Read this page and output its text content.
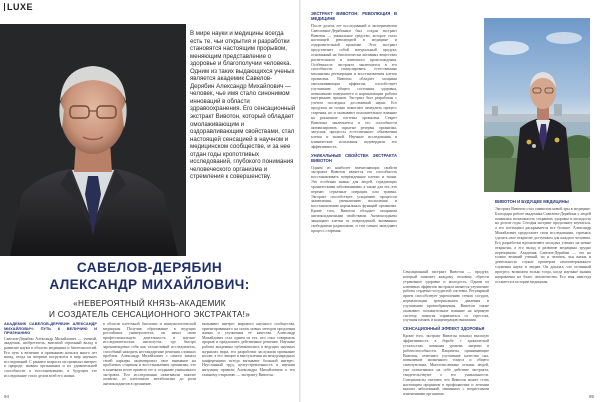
LUXE
В мире науки и медицины всегда есть те, чьи открытия и разработки становятся настоящим прорывом, меняющим представление о здоровье и благополучии человека. Одним из таких выдающихся ученых является академик Савелов-Дерябин Александр Михайлович — человек, чье имя стало синонимом инноваций в области здравоохранения. Его сенсационный экстракт Вивотон, который обладает омолаживающим и оздоравливающим свойствами, стал настоящей сенсацией в научном и медицинском сообществе, и за нее отдан годы кропотливых исследований, глубокого понимания человеческого организма и стремления к совершенству.
САВЕЛОВ-ДЕРЯБИН
АЛЕКСАНДР МИХАЙЛОВИЧ:
«НЕВЕРОЯТНЫЙ КНЯЗЬ-АКАДЕМИК
И СОЗДАТЕЛЬ СЕНСАЦИОННОГО ЭКСТРАКТА!»
АКАДЕМИК САВЕЛОВ-ДЕРЯБИН АЛЕКСАНДР МИХАЙЛОВИЧ: ПУТЬ К ВЕЛИЧИЮ И ПРИЗНАНИЮ
Савелов-Дерябин Александр Михайлович — ученый, академик, изобретатель, внесший огромный вклад в развитие науки в области медицины и биотехнологий. Его путь к величию и признанию начался много лет назад, когда он впервые погрузился в мир научных исследований. С раннего возраста он проявлял интерес к природе, живым организмам и их удивительной способности к восстановлению, в будущем это исследование стало делом всей его жизни.
в области клеточной биологии и иммунологической медицины. Получив образование в ведущих российских университетах, он начал свою профессиональную деятельность в научно-исследовательских институтах, где быстро зарекомендовал себя как талантливый исследователь, способный находить нестандартные решения сложных проблем. Александр Михайлович с самого начала своей карьеры акцентировал свое внимание на проблемах старения и восстановления организма, что в конечном итоге привело его к созданию уникального экстракта. Его исследования охватывали многие аспекты: от клеточного метаболизма до роли антиоксидантов в организме.
вызывают интерес мирового научного сообщества, ориентированного на поиск новых методов продления жизни и улучшения ее качества. Александр Михайлович стал одним из тех, кто смог совершить прорыв и предложить действенное решение. Научные работы академика публиковались в ведущих научных журналах мира, его разработки заслужили признание коллег, а его лекции и выступления на международных конференциях всегда вызывают большой интерес. Неустанный труд, целеустремленность и научная интуиция привели Александра Михайловича к его главному открытию — экстракту Вивотон.
94
ЭКСТРАКТ ВИВОТОН: РЕВОЛЮЦИЯ В МЕДИЦИНЕ
После долгих лет исследований и экспериментов Савеловым-Дерябиным был создан экстракт Вивотон — уникальное средство, которое стало настоящей революцией в медицине и оздоровительной практике. Этот экстракт представляет собой натуральный продукт, основанный на биологически активных веществах растительного и животного происхождения. Особенность экстракта заключается в его способности стимулировать естественные механизмы регенерации и восстановления клеток организма. Вивотон обладает мощным омолаживающим эффектом, способствует улучшению общего состояния здоровья, повышению иммунитета и нормализации работы внутренних органов. Экстракт был разработан с учетом последних достижений науки. Его продукты не только помогают замедлить процесс старения, но и оказывают положительное влияние на различные системы организма. Секрет Вивотона заключается в его способности активизировать скрытые резервы организма, запуская процессы естественного обновления клеток и тканей. Научные исследования и клинические испытания подтвердили его эффективность.
УНИКАЛЬНЫЕ СВОЙСТВА ЭКСТРАКТА ВИВОТОН
Одним из наиболее впечатляющих свойств экстракта Вивотон является его способность восстанавливать поврежденные клетки и ткани. Это особенно важно для людей, страдающих хроническими заболеваниями, а также для тех, кто перенес серьезные операции или травмы. Экстракт способствует ускорению процессов заживления, уменьшению воспаления и восстановлению нормальных функций организма. Кроме того, Вивотон обладает мощными антиоксидантными свойствами. Антиоксиданты защищают клетки от повреждений, вызванных свободными радикалами, и тем самым замедляют процесс старения.
Сенсационный экстракт Вивотон — продукт, который поможет каждому человеку обрести утраченное здоровье и молодость. Одним из ключевых эффектов экстракта является улучшение работы сердечно-сосудистой системы. Регулярный прием способствует укреплению стенок сосудов, нормализации артериального давления и улучшению кровообращения. Вивотон также оказывает положительное влияние на нервную систему, помогая справляться со стрессом, улучшая память и концентрацию внимания.
СЕНСАЦИОННЫЙ ЭФФЕКТ ЗДОРОВЬЯ
Кроме того, экстракт Вивотон показал высокую эффективность в борьбе с хронической усталостью, повышая уровень энергии и работоспособности. Пациенты, принимающие Вивотон, отмечают улучшение качества сна, повышение жизненного тонуса и общего самочувствия. Многочисленные отзывы людей, уже испытавших на себе действие экстракта, свидетельствуют о его уникальности. Специалисты считают, что Вивотон может стать настоящим прорывом в профилактике и лечении многих заболеваний, связанных с возрастными изменениями организма.
ВИВОТОН И БУДУЩЕЕ МЕДИЦИНЫ
Экстракт Вивотон стал символом новой эры в медицине. Благодаря работе академика Савелова-Дерябина у людей появилась возможность сохранить здоровье и молодость на долгие годы. Сегодня экстракт продолжает изучаться, а его потенциал раскрывается все больше. Александр Михайлович продолжает свои исследования, стремясь сделать свое открытие доступным для каждого человека. Его разработки вдохновляют молодых ученых на новые открытия, а его вклад в развитие медицины трудно переоценить. Академик Савелов-Дерябин — это не только великий ученый, но и человек, чья жизнь и деятельность служат примером самоотверженного служения науке и людям. Он доказал, что истинный прогресс возможен только тогда, когда научные знания направлены на благо человечества. Его имя навсегда останется в истории медицины.
95
